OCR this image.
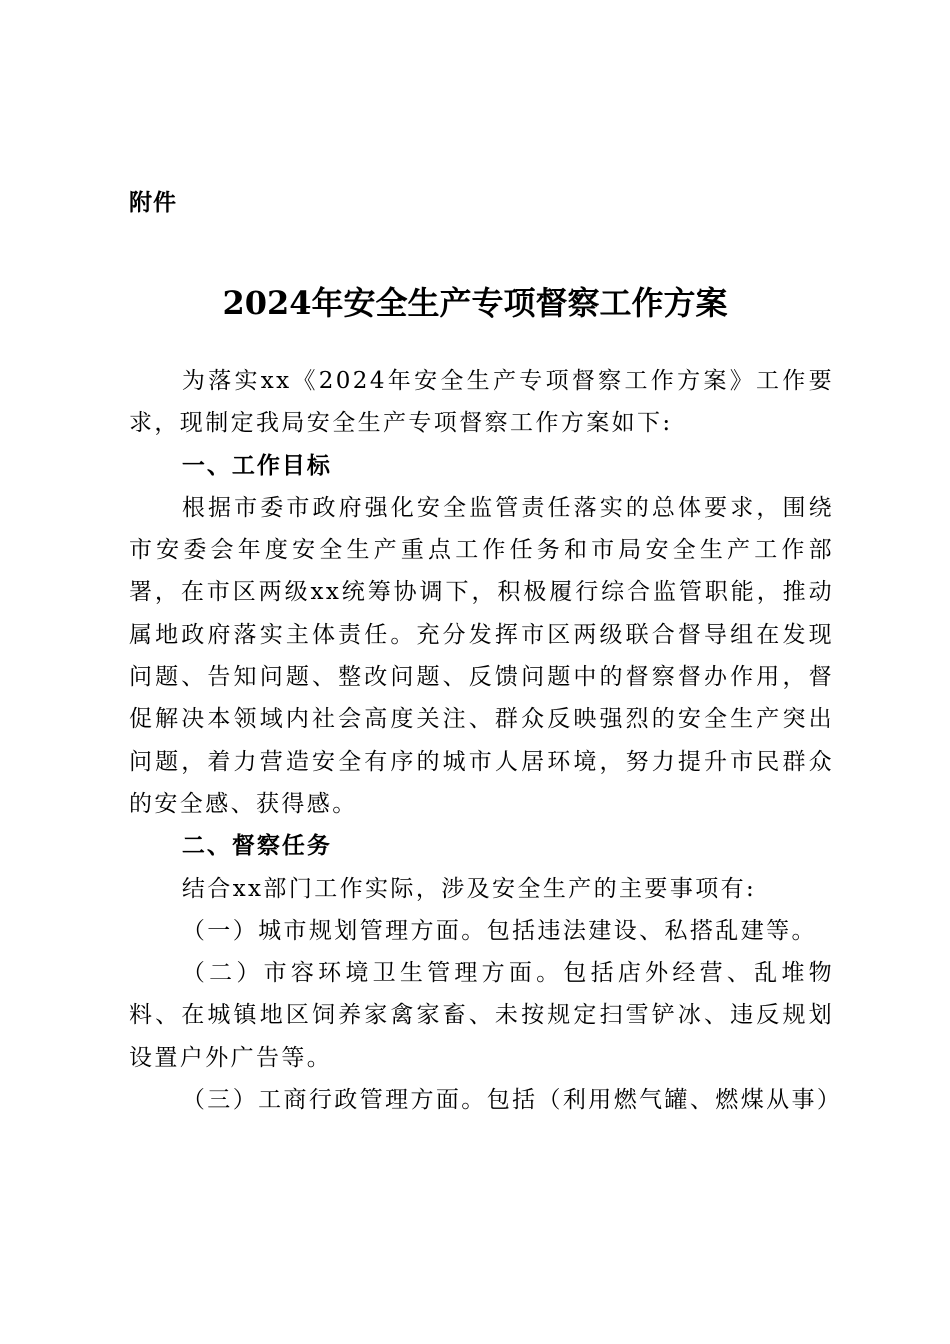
附件

2024年安全生产专项督察工作方案

为落实xx《2024年安全生产专项督察工作方案》工作要求，现制定我局安全生产专项督察工作方案如下:

一、工作目标

根据市委市政府强化安全监管责任落实的总体要求，围绕市安委会年度安全生产重点工作任务和市局安全生产工作部署，在市区两级xx统筹协调下，积极履行综合监管职能，推动属地政府落实主体责任。充分发挥市区两级联合督导组在发现问题、告知问题、整改问题、反馈问题中的督察督办作用，督促解决本领域内社会高度关注、群众反映强烈的安全生产突出问题，着力营造安全有序的城市人居环境，努力提升市民群众的安全感、获得感。

二、督察任务

结合xx部门工作实际，涉及安全生产的主要事项有:

（一）城市规划管理方面。包括违法建设、私搭乱建等。

（二）市容环境卫生管理方面。包括店外经营、乱堆物料、在城镇地区饲养家禽家畜、未按规定扫雪铲冰、违反规划设置户外广告等。

（三）工商行政管理方面。包括（利用燃气罐、燃煤从事）
